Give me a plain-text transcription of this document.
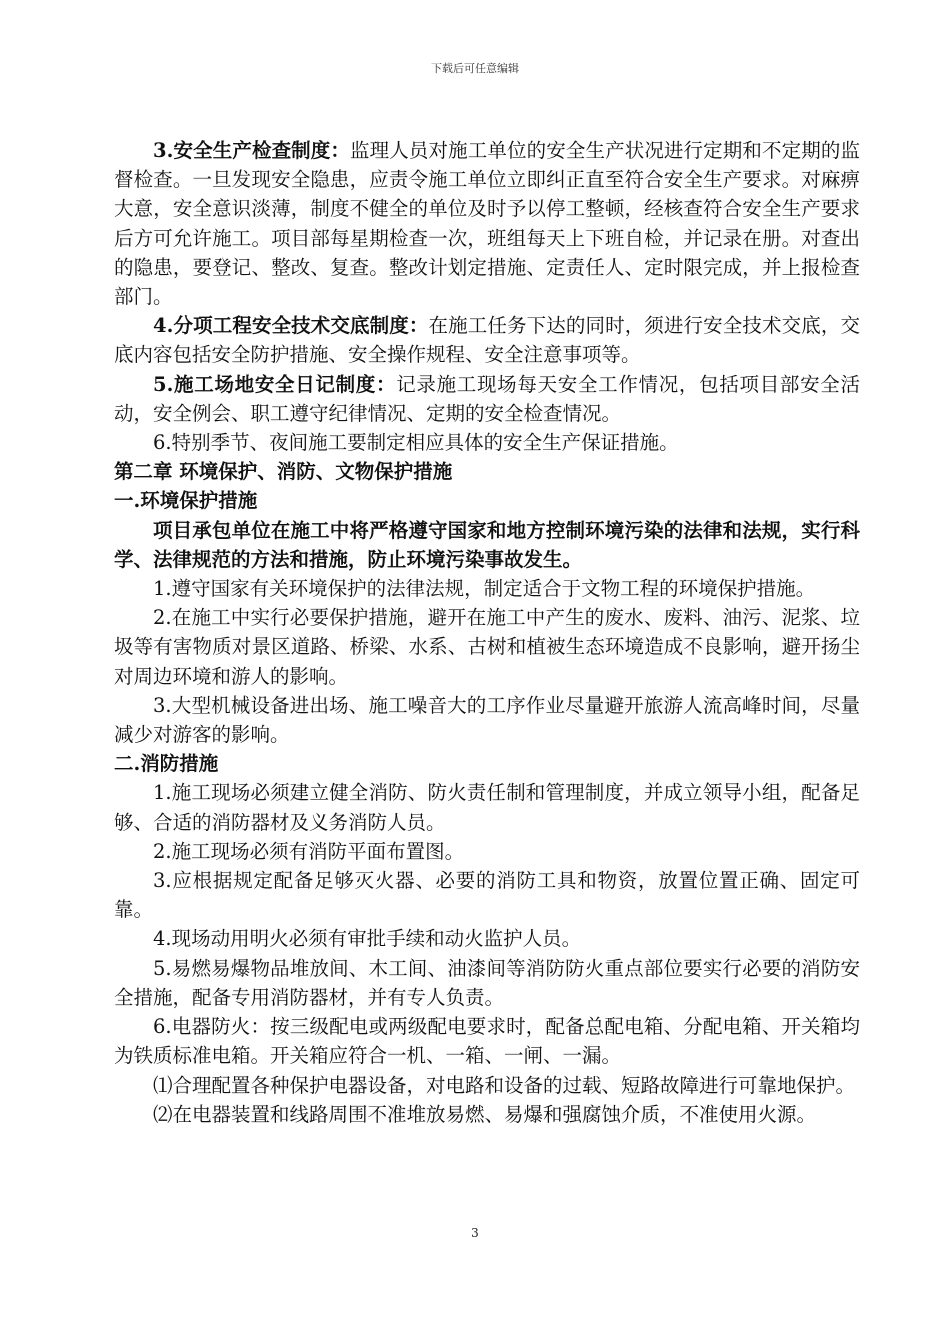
下载后可任意编辑

3.安全生产检查制度：监理人员对施工单位的安全生产状况进行定期和不定期的监督检查。一旦发现安全隐患，应责令施工单位立即纠正直至符合安全生产要求。对麻痹大意，安全意识淡薄，制度不健全的单位及时予以停工整顿，经核查符合安全生产要求后方可允许施工。项目部每星期检查一次，班组每天上下班自检，并记录在册。对查出的隐患，要登记、整改、复查。整改计划定措施、定责任人、定时限完成，并上报检查部门。

4.分项工程安全技术交底制度：在施工任务下达的同时，须进行安全技术交底，交底内容包括安全防护措施、安全操作规程、安全注意事项等。

5.施工场地安全日记制度：记录施工现场每天安全工作情况，包括项目部安全活动，安全例会、职工遵守纪律情况、定期的安全检查情况。

6.特别季节、夜间施工要制定相应具体的安全生产保证措施。

第二章 环境保护、消防、文物保护措施

一.环境保护措施

项目承包单位在施工中将严格遵守国家和地方控制环境污染的法律和法规，实行科学、法律规范的方法和措施，防止环境污染事故发生。

1.遵守国家有关环境保护的法律法规，制定适合于文物工程的环境保护措施。

2.在施工中实行必要保护措施，避开在施工中产生的废水、废料、油污、泥浆、垃圾等有害物质对景区道路、桥梁、水系、古树和植被生态环境造成不良影响，避开扬尘对周边环境和游人的影响。

3.大型机械设备进出场、施工噪音大的工序作业尽量避开旅游人流高峰时间，尽量减少对游客的影响。

二.消防措施

1.施工现场必须建立健全消防、防火责任制和管理制度，并成立领导小组，配备足够、合适的消防器材及义务消防人员。

2.施工现场必须有消防平面布置图。

3.应根据规定配备足够灭火器、必要的消防工具和物资，放置位置正确、固定可靠。

4.现场动用明火必须有审批手续和动火监护人员。

5.易燃易爆物品堆放间、木工间、油漆间等消防防火重点部位要实行必要的消防安全措施，配备专用消防器材，并有专人负责。

6.电器防火：按三级配电或两级配电要求时，配备总配电箱、分配电箱、开关箱均为铁质标准电箱。开关箱应符合一机、一箱、一闸、一漏。

⑴合理配置各种保护电器设备，对电路和设备的过载、短路故障进行可靠地保护。

⑵在电器装置和线路周围不准堆放易燃、易爆和强腐蚀介质，不准使用火源。

3
